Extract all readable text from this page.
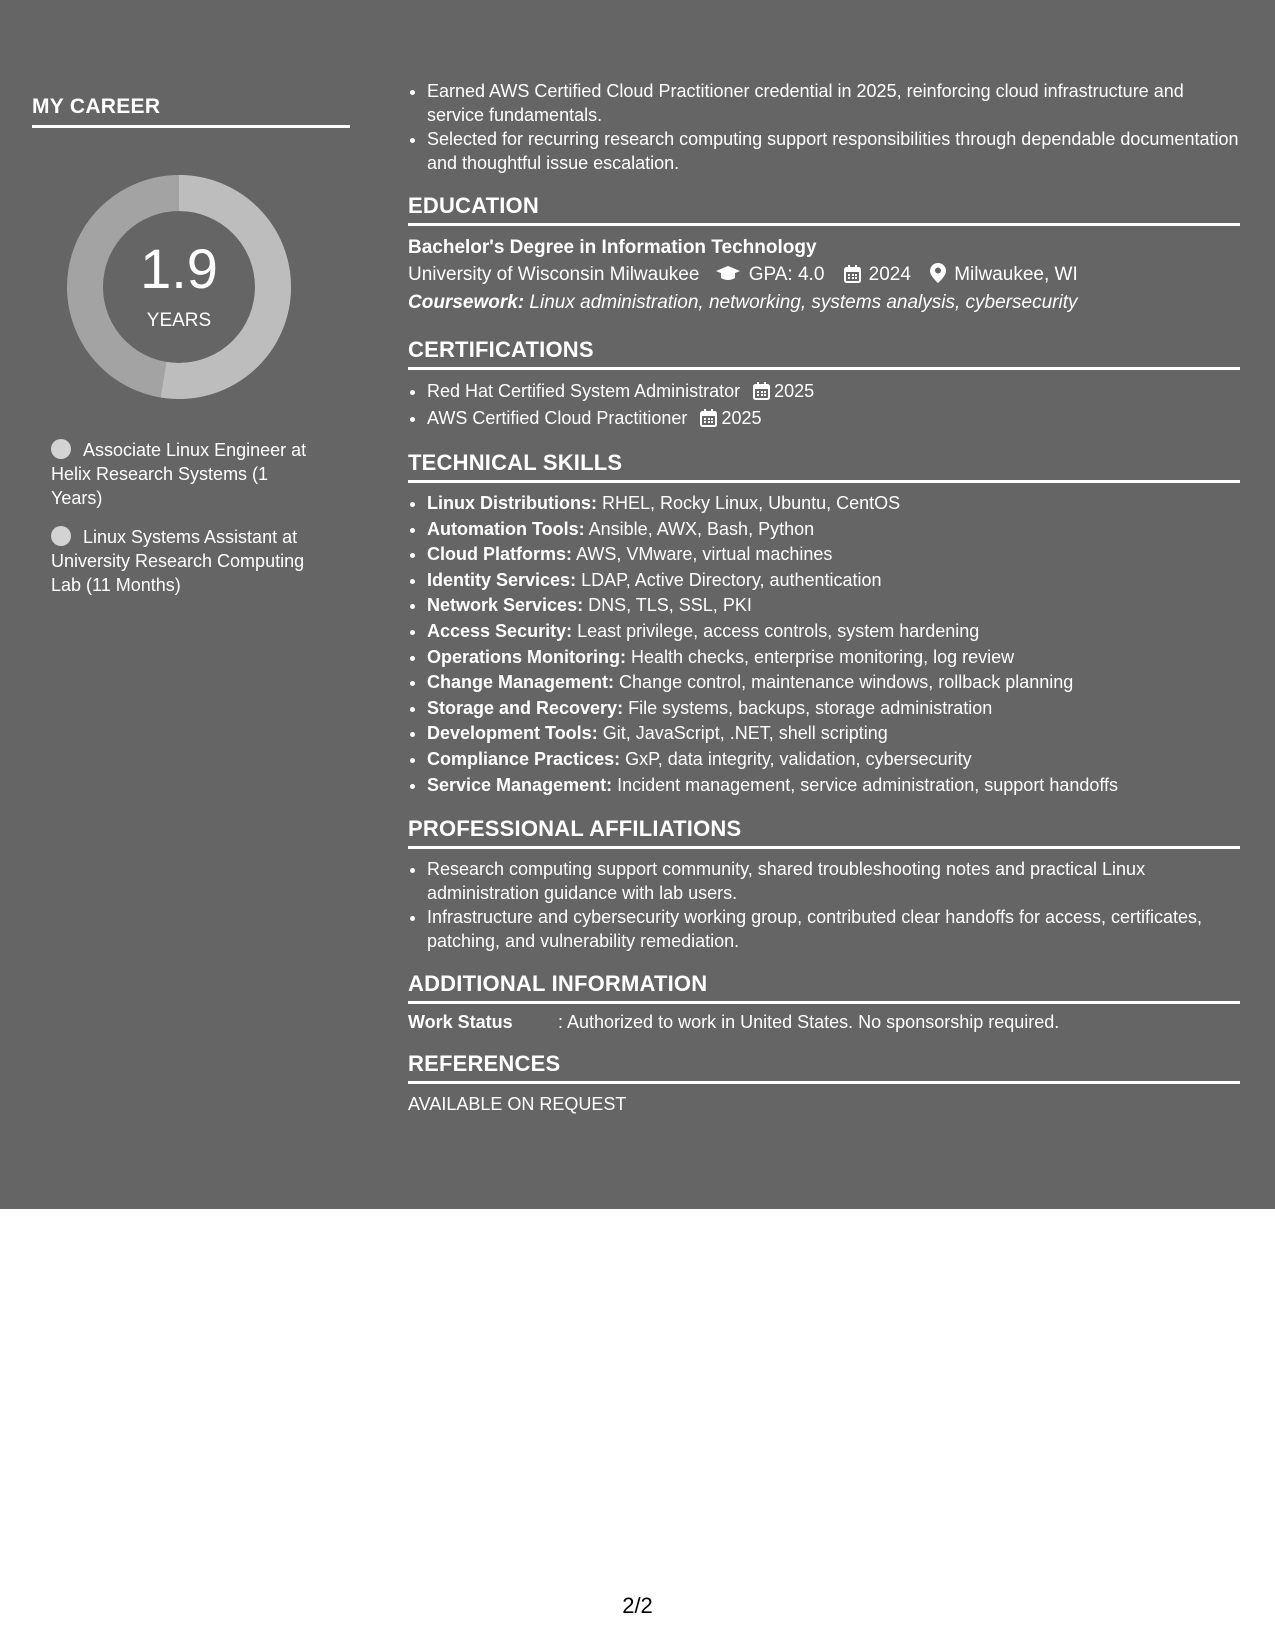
MY CAREER
1.9
YEARS
Associate Linux Engineer at Helix Research Systems (1 Years)
Linux Systems Assistant at University Research Computing Lab (11 Months)
• Earned AWS Certified Cloud Practitioner credential in 2025, reinforcing cloud infrastructure and service fundamentals.
• Selected for recurring research computing support responsibilities through dependable documentation and thoughtful issue escalation.
EDUCATION
Bachelor's Degree in Information Technology
University of Wisconsin Milwaukee	GPA: 4.0 2024 Milwaukee, WI
Coursework: Linux administration, networking, systems analysis, cybersecurity
CERTIFICATIONS
• Red Hat Certified System Administrator 2025
• AWS Certified Cloud Practitioner 2025
TECHNICAL SKILLS
• Linux Distributions: RHEL, Rocky Linux, Ubuntu, CentOS
• Automation Tools: Ansible, AWX, Bash, Python
• Cloud Platforms: AWS, VMware, virtual machines
• Identity Services: LDAP, Active Directory, authentication
• Network Services: DNS, TLS, SSL, PKI
• Access Security: Least privilege, access controls, system hardening
• Operations Monitoring: Health checks, enterprise monitoring, log review
• Change Management: Change control, maintenance windows, rollback planning
• Storage and Recovery: File systems, backups, storage administration
• Development Tools: Git, JavaScript, .NET, shell scripting
• Compliance Practices: GxP, data integrity, validation, cybersecurity
• Service Management: Incident management, service administration, support handoffs
PROFESSIONAL AFFILIATIONS
• Research computing support community, shared troubleshooting notes and practical Linux administration guidance with lab users.
• Infrastructure and cybersecurity working group, contributed clear handoffs for access, certificates, patching, and vulnerability remediation.
ADDITIONAL INFORMATION
Work Status	: Authorized to work in United States. No sponsorship required.
REFERENCES
AVAILABLE ON REQUEST
2/2
